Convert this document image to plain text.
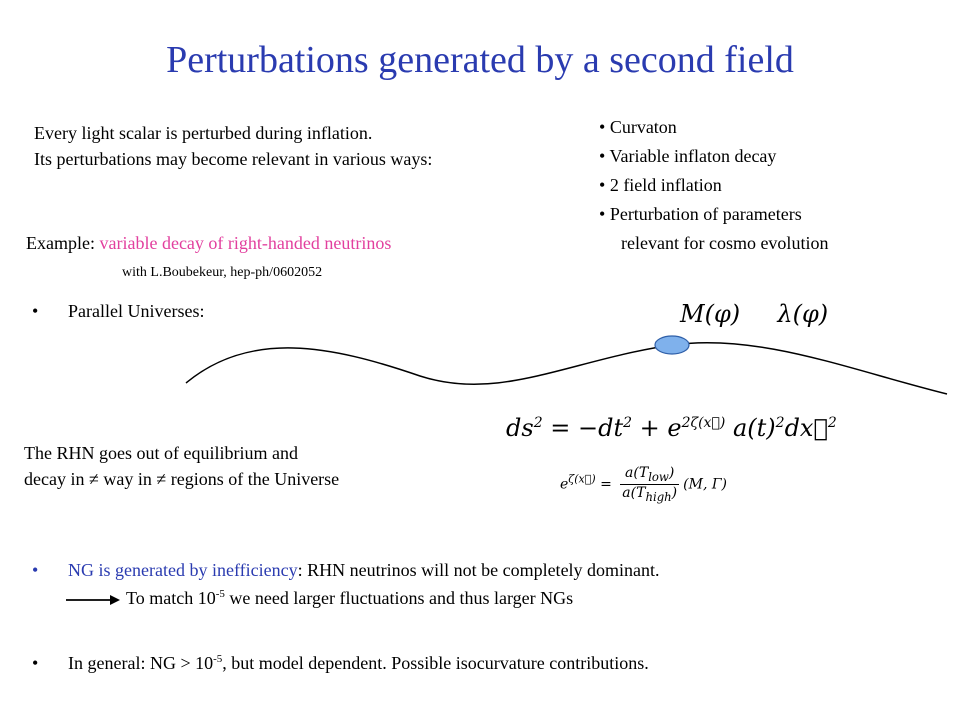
Perturbations generated by a second field
Every light scalar is perturbed during inflation.
Its perturbations may become relevant in various ways:
• Curvaton
• Variable inflaton decay
• 2 field inflation
• Perturbation of parameters
relevant for cosmo evolution
Example: variable decay of right-handed neutrinos
with L.Boubekeur, hep-ph/0602052
• Parallel Universes:	M(φ) λ(φ)
$ds^2 = -dt^2 + e^{2\zeta(x⃗)}$ $a(t)^2dx⃗^2$
$e^{\zeta(x⃗)} = \frac{a(T_{low})}{a(T_{high})} (M$, Γ)
The RHN goes out of equilibrium and
decay in ≠ way in ≠ regions of the Universe
• NG is generated by inefficiency: RHN neutrinos will not be completely dominant.
To match $10^{-5}$ we need larger fluctuations and thus larger NGs
• In general: NG > $10^{-5}$, but model dependent. Possible isocurvature contributions.
